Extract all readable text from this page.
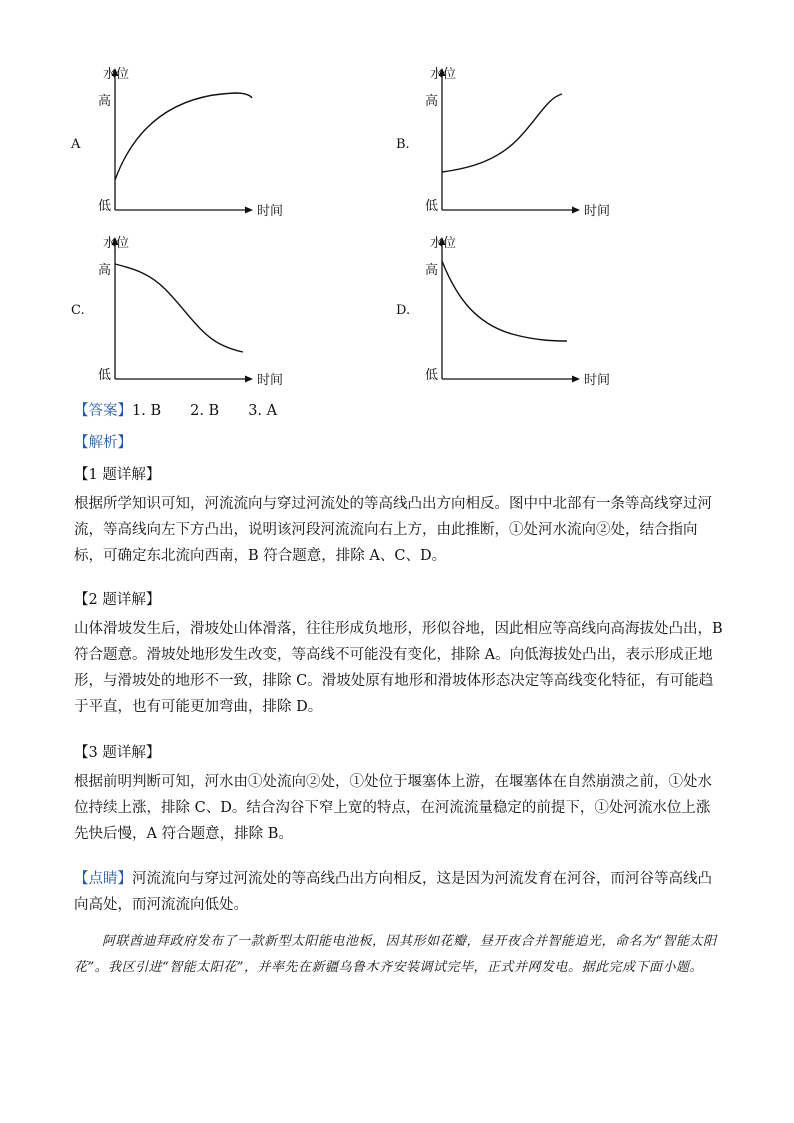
A
水位
高
低	时间
B.
水位
高
低	时间
C.
水位
高
低	时间
D.
水位
高
低	时间
【答案】1. B　　2. B　　3. A
【解析】
【1 题详解】
根据所学知识可知，河流流向与穿过河流处的等高线凸出方向相反。图中中北部有一条等高线穿过河流，等高线向左下方凸出，说明该河段河流流向右上方，由此推断，①处河水流向②处，结合指向标，可确定东北流向西南，B 符合题意，排除 A、C、D。
【2 题详解】
山体滑坡发生后，滑坡处山体滑落，往往形成负地形，形似谷地，因此相应等高线向高海拔处凸出，B 符合题意。滑坡处地形发生改变，等高线不可能没有变化，排除 A。向低海拔处凸出，表示形成正地形，与滑坡处的地形不一致，排除 C。滑坡处原有地形和滑坡体形态决定等高线变化特征，有可能趋于平直，也有可能更加弯曲，排除 D。
【3 题详解】
根据前明判断可知，河水由①处流向②处，①处位于堰塞体上游，在堰塞体在自然崩溃之前，①处水位持续上涨，排除 C、D。结合沟谷下窄上宽的特点，在河流流量稳定的前提下，①处河流水位上涨先快后慢，A 符合题意，排除 B。
【点睛】河流流向与穿过河流处的等高线凸出方向相反，这是因为河流发育在河谷，而河谷等高线凸向高处，而河流流向低处。
阿联酋迪拜政府发布了一款新型太阳能电池板，因其形如花瓣，昼开夜合并智能追光，命名为“智能太阳花”。我区引进“智能太阳花”，并率先在新疆乌鲁木齐安装调试完毕，正式并网发电。据此完成下面小题。
